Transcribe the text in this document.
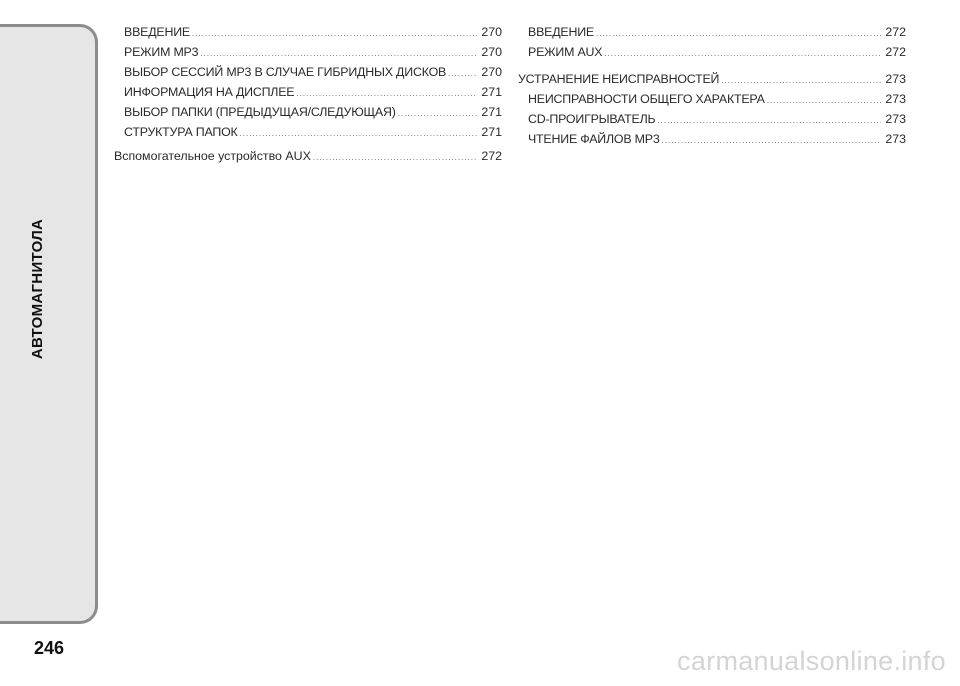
АВТОМАГНИТОЛА
246
ВВЕДЕНИЕ .....	270
РЕЖИМ MP3 .....	270
ВЫБОР СЕССИЙ MP3 В СЛУЧАЕ ГИБРИДНЫХ ДИСКОВ .....	270
ИНФОРМАЦИЯ НА ДИСПЛЕЕ .....	271
ВЫБОР ПАПКИ (ПРЕДЫДУЩАЯ/СЛЕДУЮЩАЯ) .....	271
СТРУКТУРА ПАПОК .....	271
Вспомогательное устройство AUX .....	272
ВВЕДЕНИЕ .....	272
РЕЖИМ AUX .....	272
УСТРАНЕНИЕ НЕИСПРАВНОСТЕЙ .....	273
НЕИСПРАВНОСТИ ОБЩЕГО ХАРАКТЕРА .....	273
CD-ПРОИГРЫВАТЕЛЬ .....	273
ЧТЕНИЕ ФАЙЛОВ MP3 .....	273
carmanualsonline.info
